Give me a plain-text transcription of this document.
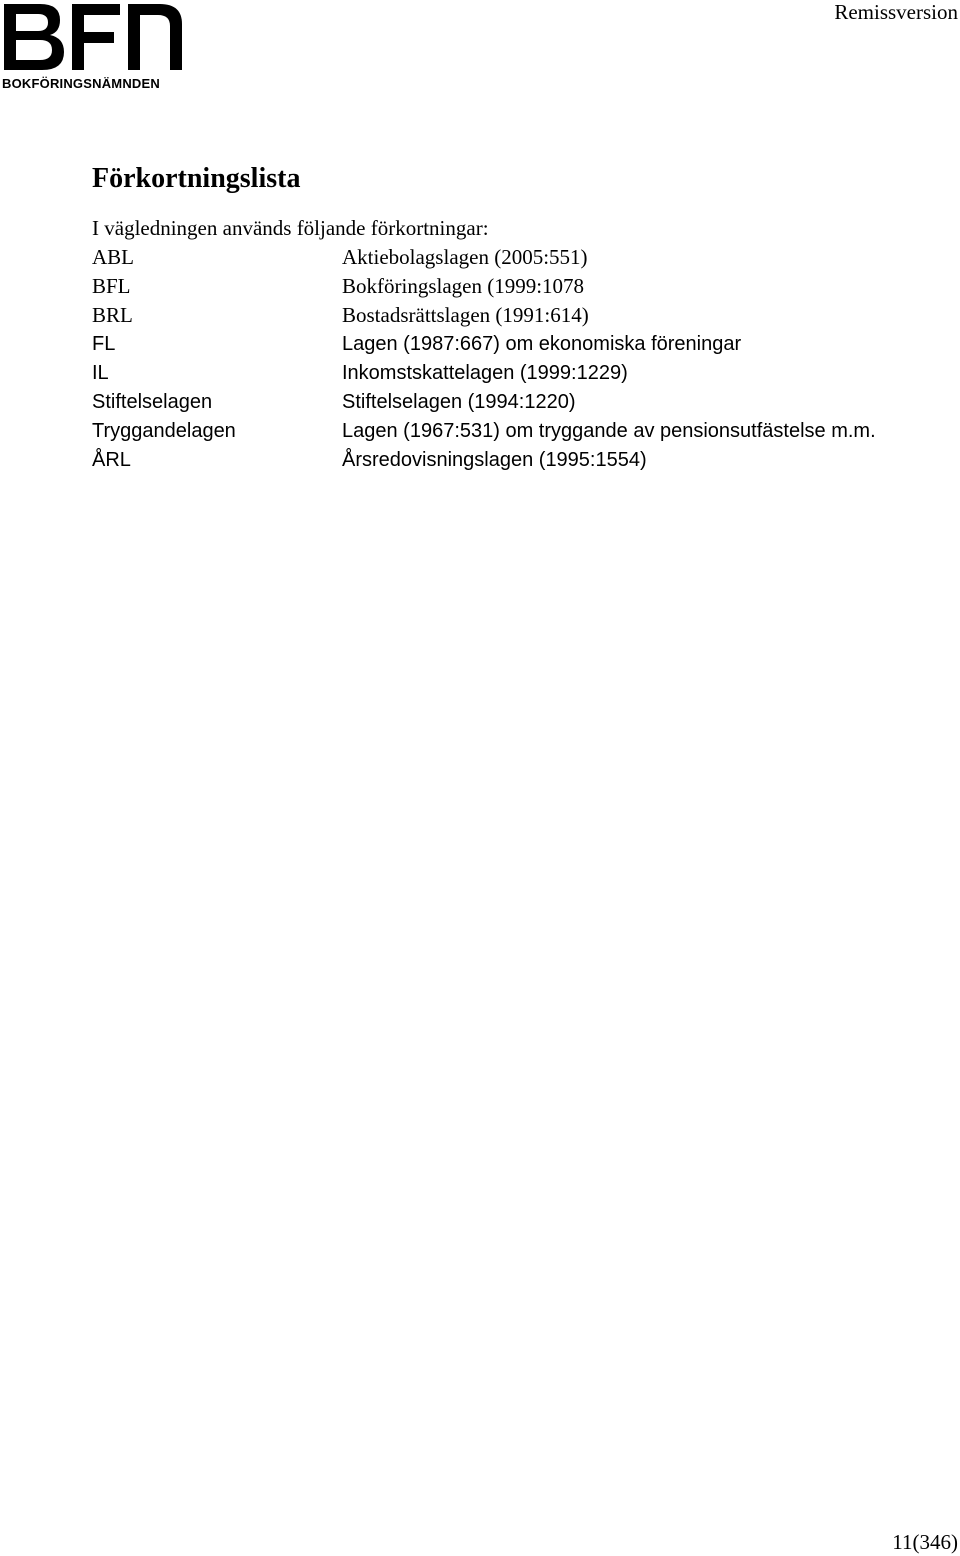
BOKFÖRINGSNÄMNDEN
Remissversion
Förkortningslista

I vägledningen används följande förkortningar:

ABL	Aktiebolagslagen (2005:551)
BFL	Bokföringslagen (1999:1078
BRL	Bostadsrättslagen (1991:614)
FL	Lagen (1987:667) om ekonomiska föreningar
IL	Inkomstskattelagen (1999:1229)
Stiftelselagen	Stiftelselagen (1994:1220)
Tryggandelagen	Lagen (1967:531) om tryggande av pensionsutfästelse m.m.
ÅRL	Årsredovisningslagen (1995:1554)
11(346)
